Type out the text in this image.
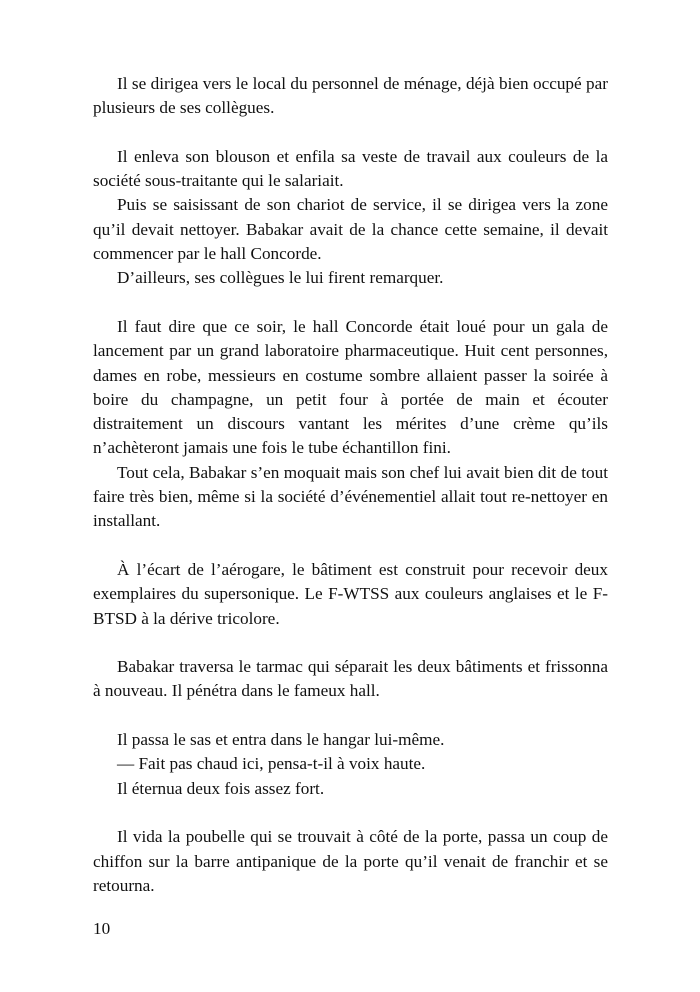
Il se dirigea vers le local du personnel de ménage, déjà bien occupé par plusieurs de ses collègues.

Il enleva son blouson et enfila sa veste de travail aux couleurs de la société sous-traitante qui le salariait.

Puis se saisissant de son chariot de service, il se dirigea vers la zone qu’il devait nettoyer. Babakar avait de la chance cette semaine, il devait commencer par le hall Concorde.

D’ailleurs, ses collègues le lui firent remarquer.

Il faut dire que ce soir, le hall Concorde était loué pour un gala de lancement par un grand laboratoire pharmaceutique. Huit cent personnes, dames en robe, messieurs en costume sombre allaient passer la soirée à boire du champagne, un petit four à portée de main et écouter distraitement un discours vantant les mérites d’une crème qu’ils n’achèteront jamais une fois le tube échantillon fini.

Tout cela, Babakar s’en moquait mais son chef lui avait bien dit de tout faire très bien, même si la société d’événementiel allait tout re-nettoyer en installant.

À l’écart de l’aérogare, le bâtiment est construit pour recevoir deux exemplaires du supersonique. Le F-WTSS aux couleurs anglaises et le F-BTSD à la dérive tricolore.

Babakar traversa le tarmac qui séparait les deux bâtiments et frissonna à nouveau. Il pénétra dans le fameux hall.

Il passa le sas et entra dans le hangar lui-même.

— Fait pas chaud ici, pensa-t-il à voix haute.

Il éternua deux fois assez fort.

Il vida la poubelle qui se trouvait à côté de la porte, passa un coup de chiffon sur la barre antipanique de la porte qu’il venait de franchir et se retourna.

10
